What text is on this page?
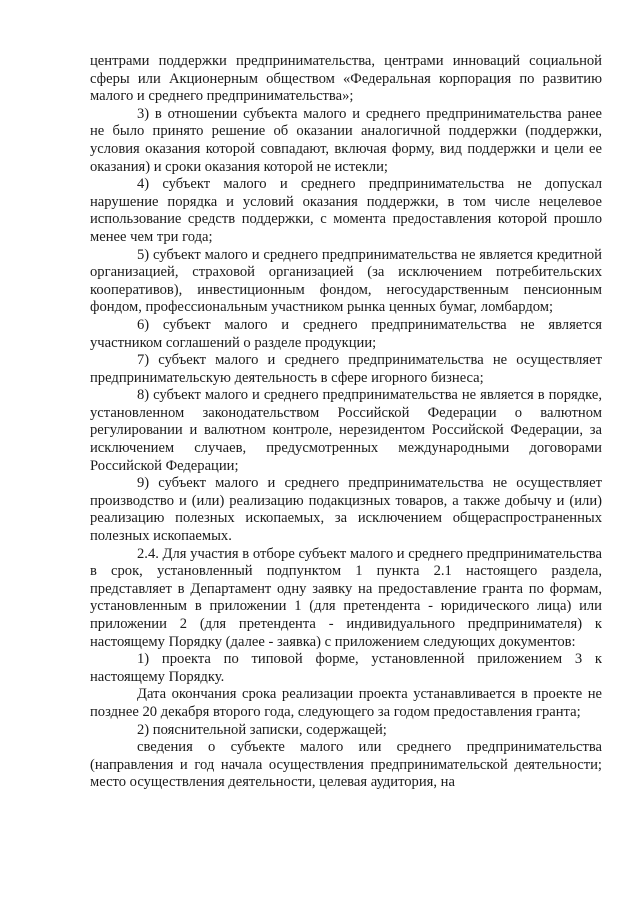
центрами поддержки предпринимательства, центрами инноваций социальной сферы или Акционерным обществом «Федеральная корпорация по развитию малого и среднего предпринимательства»;

3) в отношении субъекта малого и среднего предпринимательства ранее не было принято решение об оказании аналогичной поддержки (поддержки, условия оказания которой совпадают, включая форму, вид поддержки и цели ее оказания) и сроки оказания которой не истекли;

4) субъект малого и среднего предпринимательства не допускал нарушение порядка и условий оказания поддержки, в том числе нецелевое использование средств поддержки, с момента предоставления которой прошло менее чем три года;

5) субъект малого и среднего предпринимательства не является кредитной организацией, страховой организацией (за исключением потребительских кооперативов), инвестиционным фондом, негосударственным пенсионным фондом, профессиональным участником рынка ценных бумаг, ломбардом;

6) субъект малого и среднего предпринимательства не является участником соглашений о разделе продукции;

7) субъект малого и среднего предпринимательства не осуществляет предпринимательскую деятельность в сфере игорного бизнеса;

8) субъект малого и среднего предпринимательства не является в порядке, установленном законодательством Российской Федерации о валютном регулировании и валютном контроле, нерезидентом Российской Федерации, за исключением случаев, предусмотренных международными договорами Российской Федерации;

9) субъект малого и среднего предпринимательства не осуществляет производство и (или) реализацию подакцизных товаров, а также добычу и (или) реализацию полезных ископаемых, за исключением общераспространенных полезных ископаемых.

2.4. Для участия в отборе субъект малого и среднего предпринимательства в срок, установленный подпунктом 1 пункта 2.1 настоящего раздела, представляет в Департамент одну заявку на предоставление гранта по формам, установленным в приложении 1 (для претендента - юридического лица) или приложении 2 (для претендента - индивидуального предпринимателя) к настоящему Порядку (далее - заявка) с приложением следующих документов:

1) проекта по типовой форме, установленной приложением 3 к настоящему Порядку.

Дата окончания срока реализации проекта устанавливается в проекте не позднее 20 декабря второго года, следующего за годом предоставления гранта;

2) пояснительной записки, содержащей;

сведения о субъекте малого или среднего предпринимательства (направления и год начала осуществления предпринимательской деятельности; место осуществления деятельности, целевая аудитория, на
